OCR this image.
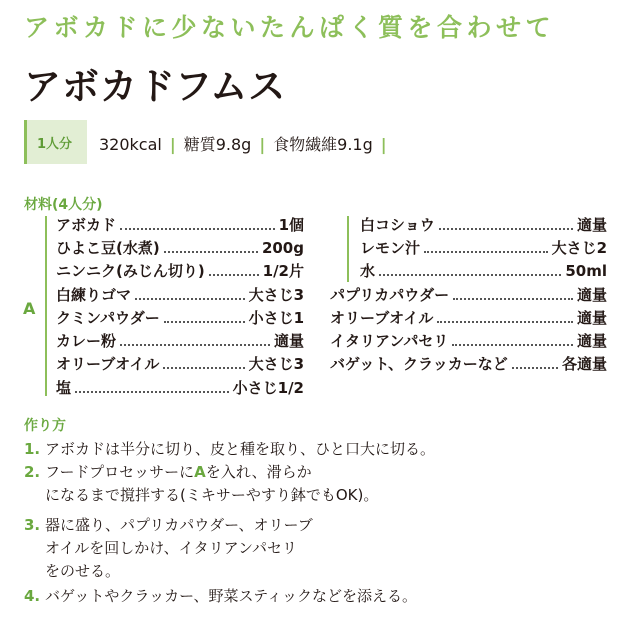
アボカドに少ないたんぱく質を合わせて
アボカドフムス
1人分 320kcal | 糖質9.8g | 食物繊維9.1g |
材料(4人分)
A
アボカド	1個
ひよこ豆(水煮)	200g
ニンニク(みじん切り)	1/2片
白練りゴマ	大さじ3
クミンパウダー	小さじ1
カレー粉	適量
オリーブオイル	大さじ3
塩	小さじ1/2
白コショウ	適量
レモン汁	大さじ2
水	50ml
パプリカパウダー	適量
オリーブオイル	適量
イタリアンパセリ	適量
バゲット、クラッカーなど	各適量
作り方
1. アボカドは半分に切り、皮と種を取り、ひと口大に切る。
2. フードプロセッサーにAを入れ、滑らか
になるまで撹拌する(ミキサーやすり鉢でもOK)。
3. 器に盛り、パプリカパウダー、オリーブ
オイルを回しかけ、イタリアンパセリ
をのせる。
4. バゲットやクラッカー、野菜スティックなどを添える。
